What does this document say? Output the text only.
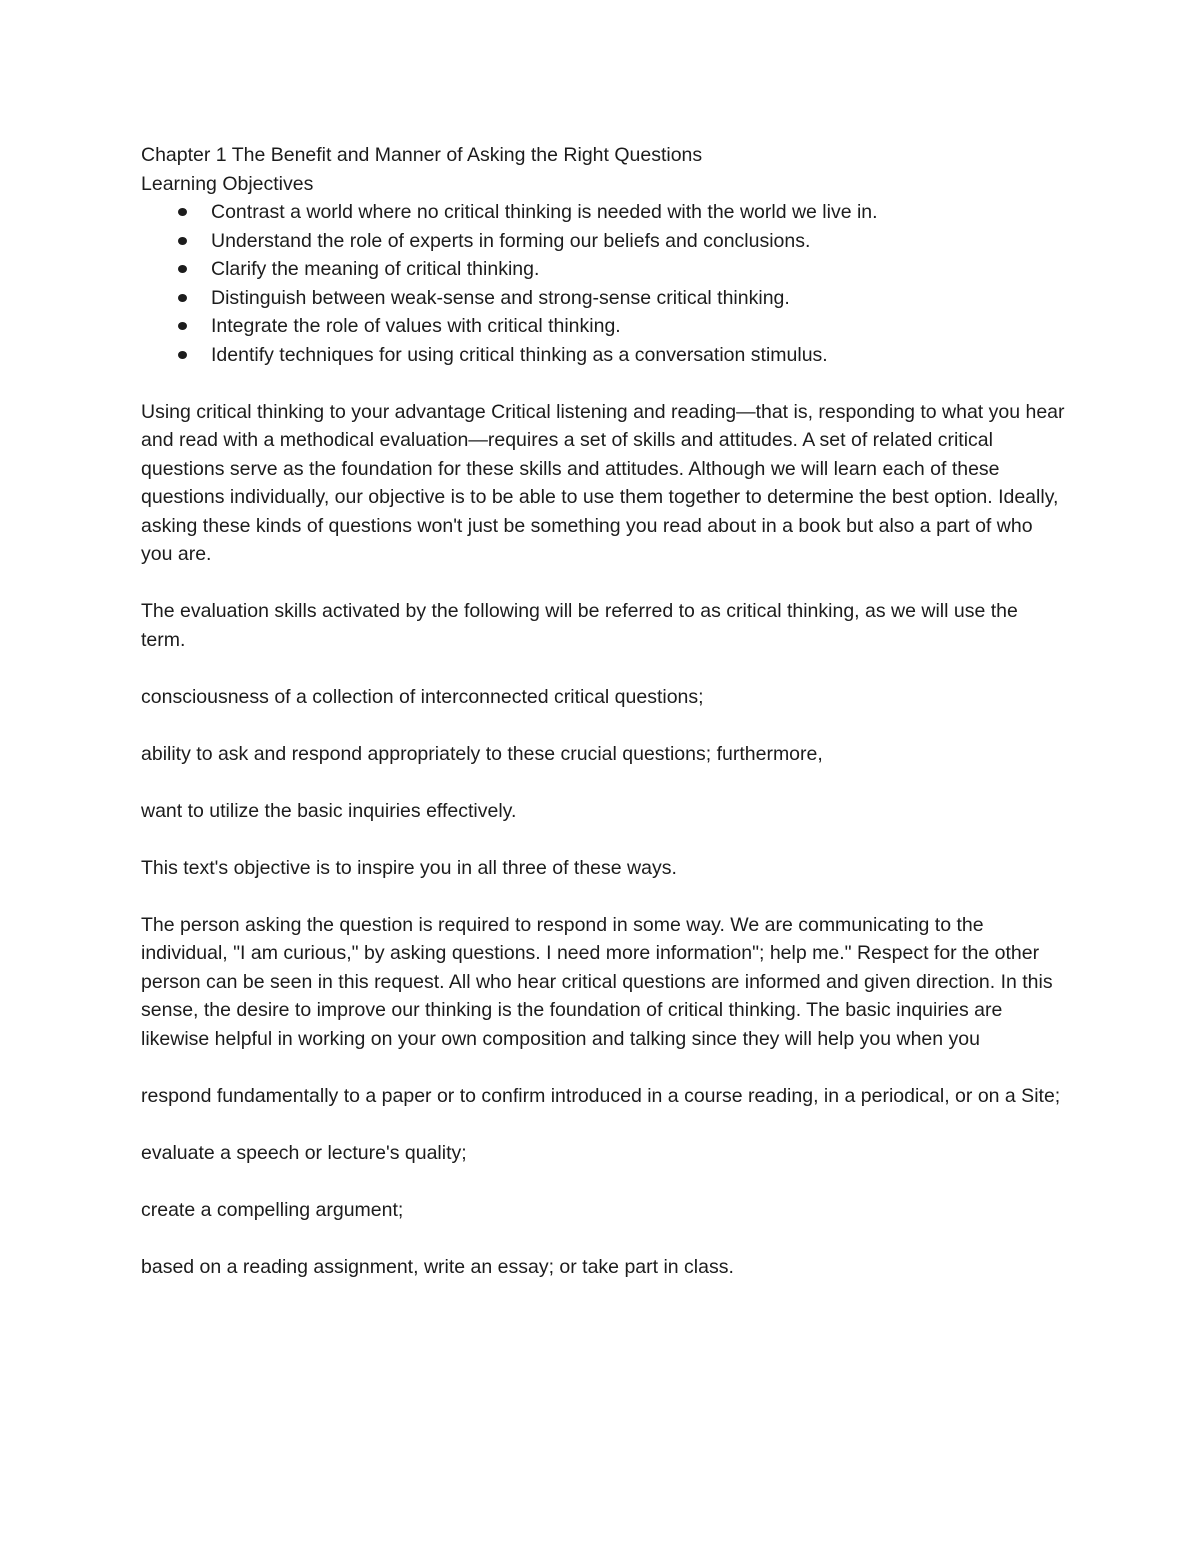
Chapter 1 The Benefit and Manner of Asking the Right Questions

Learning Objectives

Contrast a world where no critical thinking is needed with the world we live in.
Understand the role of experts in forming our beliefs and conclusions.
Clarify the meaning of critical thinking.
Distinguish between weak-sense and strong-sense critical thinking.
Integrate the role of values with critical thinking.
Identify techniques for using critical thinking as a conversation stimulus.

Using critical thinking to your advantage Critical listening and reading—that is, responding to what you hear and read with a methodical evaluation—requires a set of skills and attitudes. A set of related critical questions serve as the foundation for these skills and attitudes. Although we will learn each of these questions individually, our objective is to be able to use them together to determine the best option. Ideally, asking these kinds of questions won't just be something you read about in a book but also a part of who you are.

The evaluation skills activated by the following will be referred to as critical thinking, as we will use the term.

consciousness of a collection of interconnected critical questions;

ability to ask and respond appropriately to these crucial questions; furthermore,

want to utilize the basic inquiries effectively.

This text's objective is to inspire you in all three of these ways.

The person asking the question is required to respond in some way. We are communicating to the individual, "I am curious," by asking questions. I need more information"; help me." Respect for the other person can be seen in this request. All who hear critical questions are informed and given direction. In this sense, the desire to improve our thinking is the foundation of critical thinking. The basic inquiries are likewise helpful in working on your own composition and talking since they will help you when you

respond fundamentally to a paper or to confirm introduced in a course reading, in a periodical, or on a Site;

evaluate a speech or lecture's quality;

create a compelling argument;

based on a reading assignment, write an essay; or take part in class.
